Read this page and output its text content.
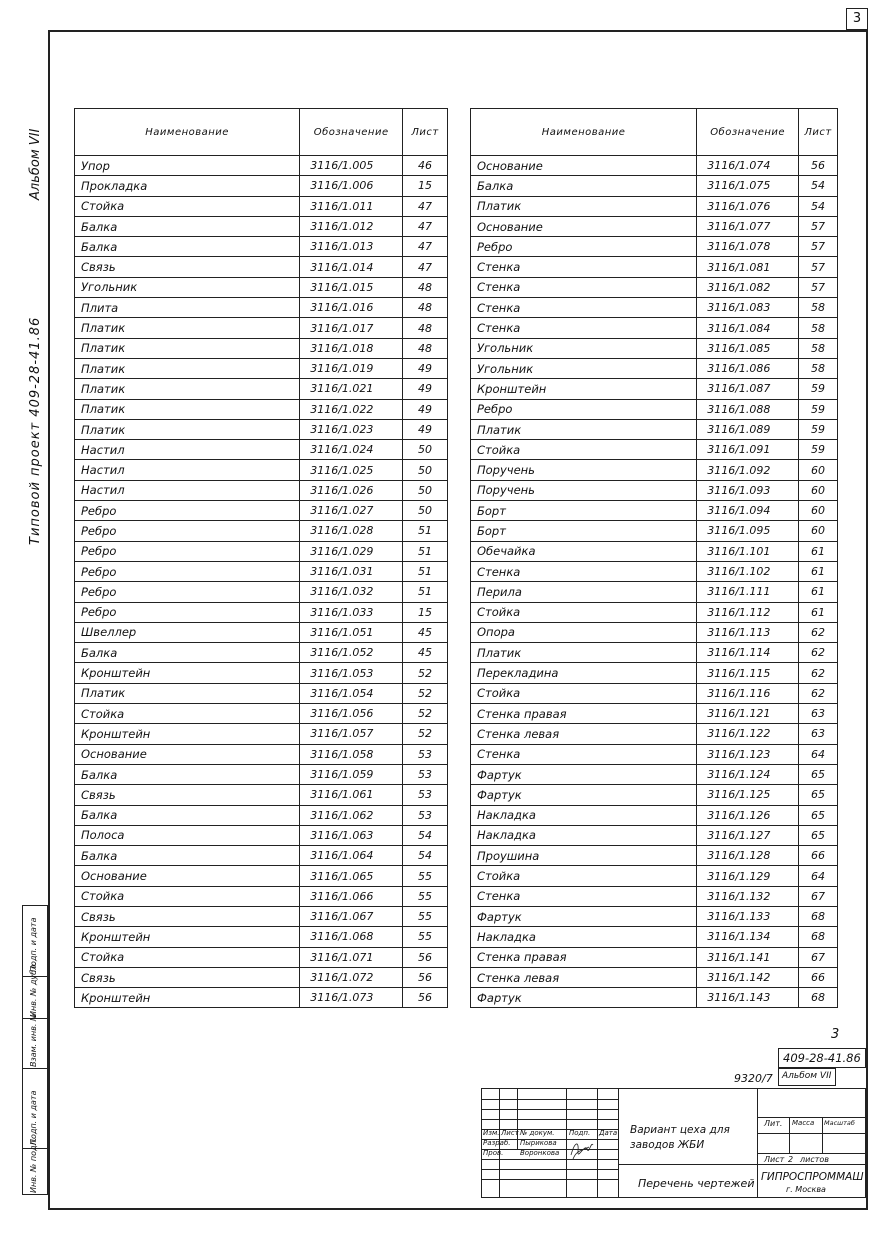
3
Альбом VII
Типовой проект 409-28-41.86
Подп. и дата
Инв. № дубл.
Взам. инв. №
Подп. и дата
Инв. № подл.
Наименование	Обозначение	Лист
Упор	3116/1.005	46
Прокладка	3116/1.006	15
Стойка	3116/1.011	47
Балка	3116/1.012	47
Балка	3116/1.013	47
Связь	3116/1.014	47
Угольник	3116/1.015	48
Плита	3116/1.016	48
Платик	3116/1.017	48
Платик	3116/1.018	48
Платик	3116/1.019	49
Платик	3116/1.021	49
Платик	3116/1.022	49
Платик	3116/1.023	49
Настил	3116/1.024	50
Настил	3116/1.025	50
Настил	3116/1.026	50
Ребро	3116/1.027	50
Ребро	3116/1.028	51
Ребро	3116/1.029	51
Ребро	3116/1.031	51
Ребро	3116/1.032	51
Ребро	3116/1.033	15
Швеллер	3116/1.051	45
Балка	3116/1.052	45
Кронштейн	3116/1.053	52
Платик	3116/1.054	52
Стойка	3116/1.056	52
Кронштейн	3116/1.057	52
Основание	3116/1.058	53
Балка	3116/1.059	53
Связь	3116/1.061	53
Балка	3116/1.062	53
Полоса	3116/1.063	54
Балка	3116/1.064	54
Основание	3116/1.065	55
Стойка	3116/1.066	55
Связь	3116/1.067	55
Кронштейн	3116/1.068	55
Стойка	3116/1.071	56
Связь	3116/1.072	56
Кронштейн	3116/1.073	56
Наименование	Обозначение	Лист
Основание	3116/1.074	56
Балка	3116/1.075	54
Платик	3116/1.076	54
Основание	3116/1.077	57
Ребро	3116/1.078	57
Стенка	3116/1.081	57
Стенка	3116/1.082	57
Стенка	3116/1.083	58
Стенка	3116/1.084	58
Угольник	3116/1.085	58
Угольник	3116/1.086	58
Кронштейн	3116/1.087	59
Ребро	3116/1.088	59
Платик	3116/1.089	59
Стойка	3116/1.091	59
Поручень	3116/1.092	60
Поручень	3116/1.093	60
Борт	3116/1.094	60
Борт	3116/1.095	60
Обечайка	3116/1.101	61
Стенка	3116/1.102	61
Перила	3116/1.111	61
Стойка	3116/1.112	61
Опора	3116/1.113	62
Платик	3116/1.114	62
Перекладина	3116/1.115	62
Стойка	3116/1.116	62
Стенка правая	3116/1.121	63
Стенка левая	3116/1.122	63
Стенка	3116/1.123	64
Фартук	3116/1.124	65
Фартук	3116/1.125	65
Накладка	3116/1.126	65
Накладка	3116/1.127	65
Проушина	3116/1.128	66
Стойка	3116/1.129	64
Стенка	3116/1.132	67
Фартук	3116/1.133	68
Накладка	3116/1.134	68
Стенка правая	3116/1.141	67
Стенка левая	3116/1.142	66
Фартук	3116/1.143	68
3
409-28-41.86
9320/7 Альбом VII
Изм. Лист № докум. Подп. Дата
Разраб. Пырикова
Пров. Воронкова
Вариант цеха для заводов ЖБИ
Перечень чертежей
Лит. Масса Масштаб
Лист 2 листов
ГИПРОСПРОММАШ
г. Москва
